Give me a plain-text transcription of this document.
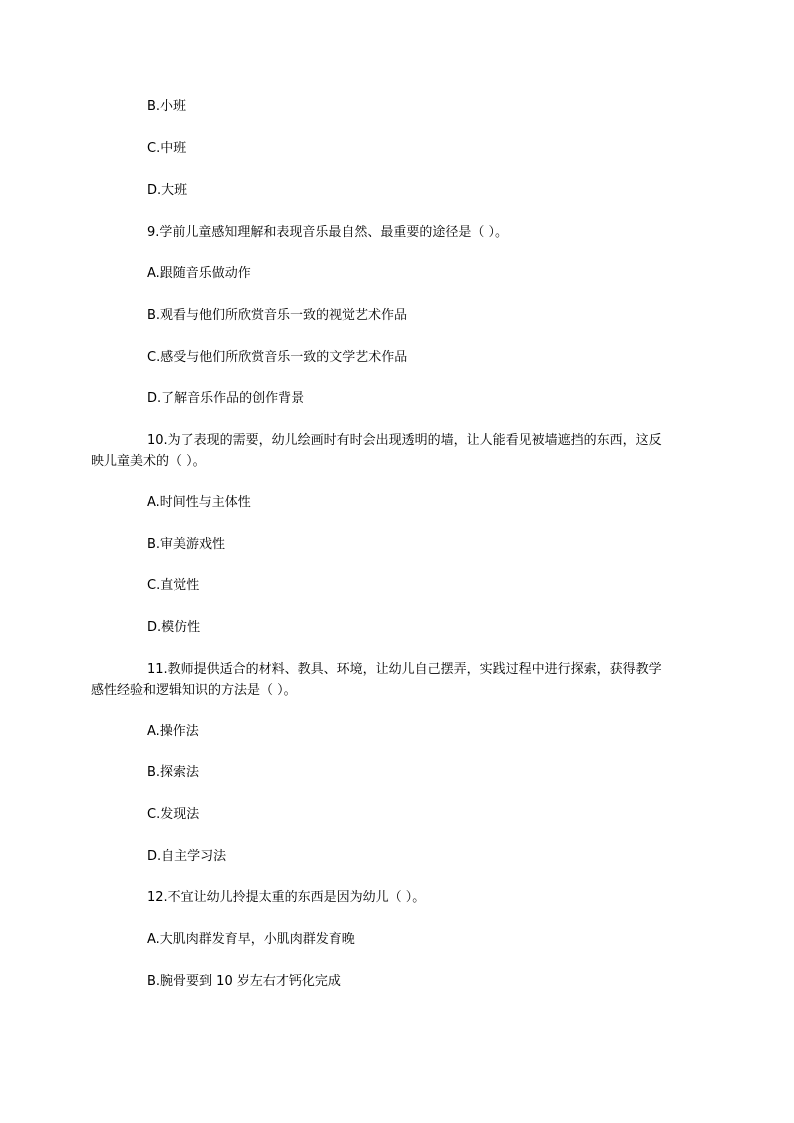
B.小班
C.中班
D.大班
9.学前儿童感知理解和表现音乐最自然、最重要的途径是（ ）。
A.跟随音乐做动作
B.观看与他们所欣赏音乐一致的视觉艺术作品
C.感受与他们所欣赏音乐一致的文学艺术作品
D.了解音乐作品的创作背景
10.为了表现的需要，幼儿绘画时有时会出现透明的墙，让人能看见被墙遮挡的东西，这反映儿童美术的（ ）。
A.时间性与主体性
B.审美游戏性
C.直觉性
D.模仿性
11.教师提供适合的材料、教具、环境，让幼儿自己摆弄，实践过程中进行探索，获得教学感性经验和逻辑知识的方法是（ ）。
A.操作法
B.探索法
C.发现法
D.自主学习法
12.不宜让幼儿拎提太重的东西是因为幼儿（ ）。
A.大肌肉群发育早，小肌肉群发育晚
B.腕骨要到 10 岁左右才钙化完成
